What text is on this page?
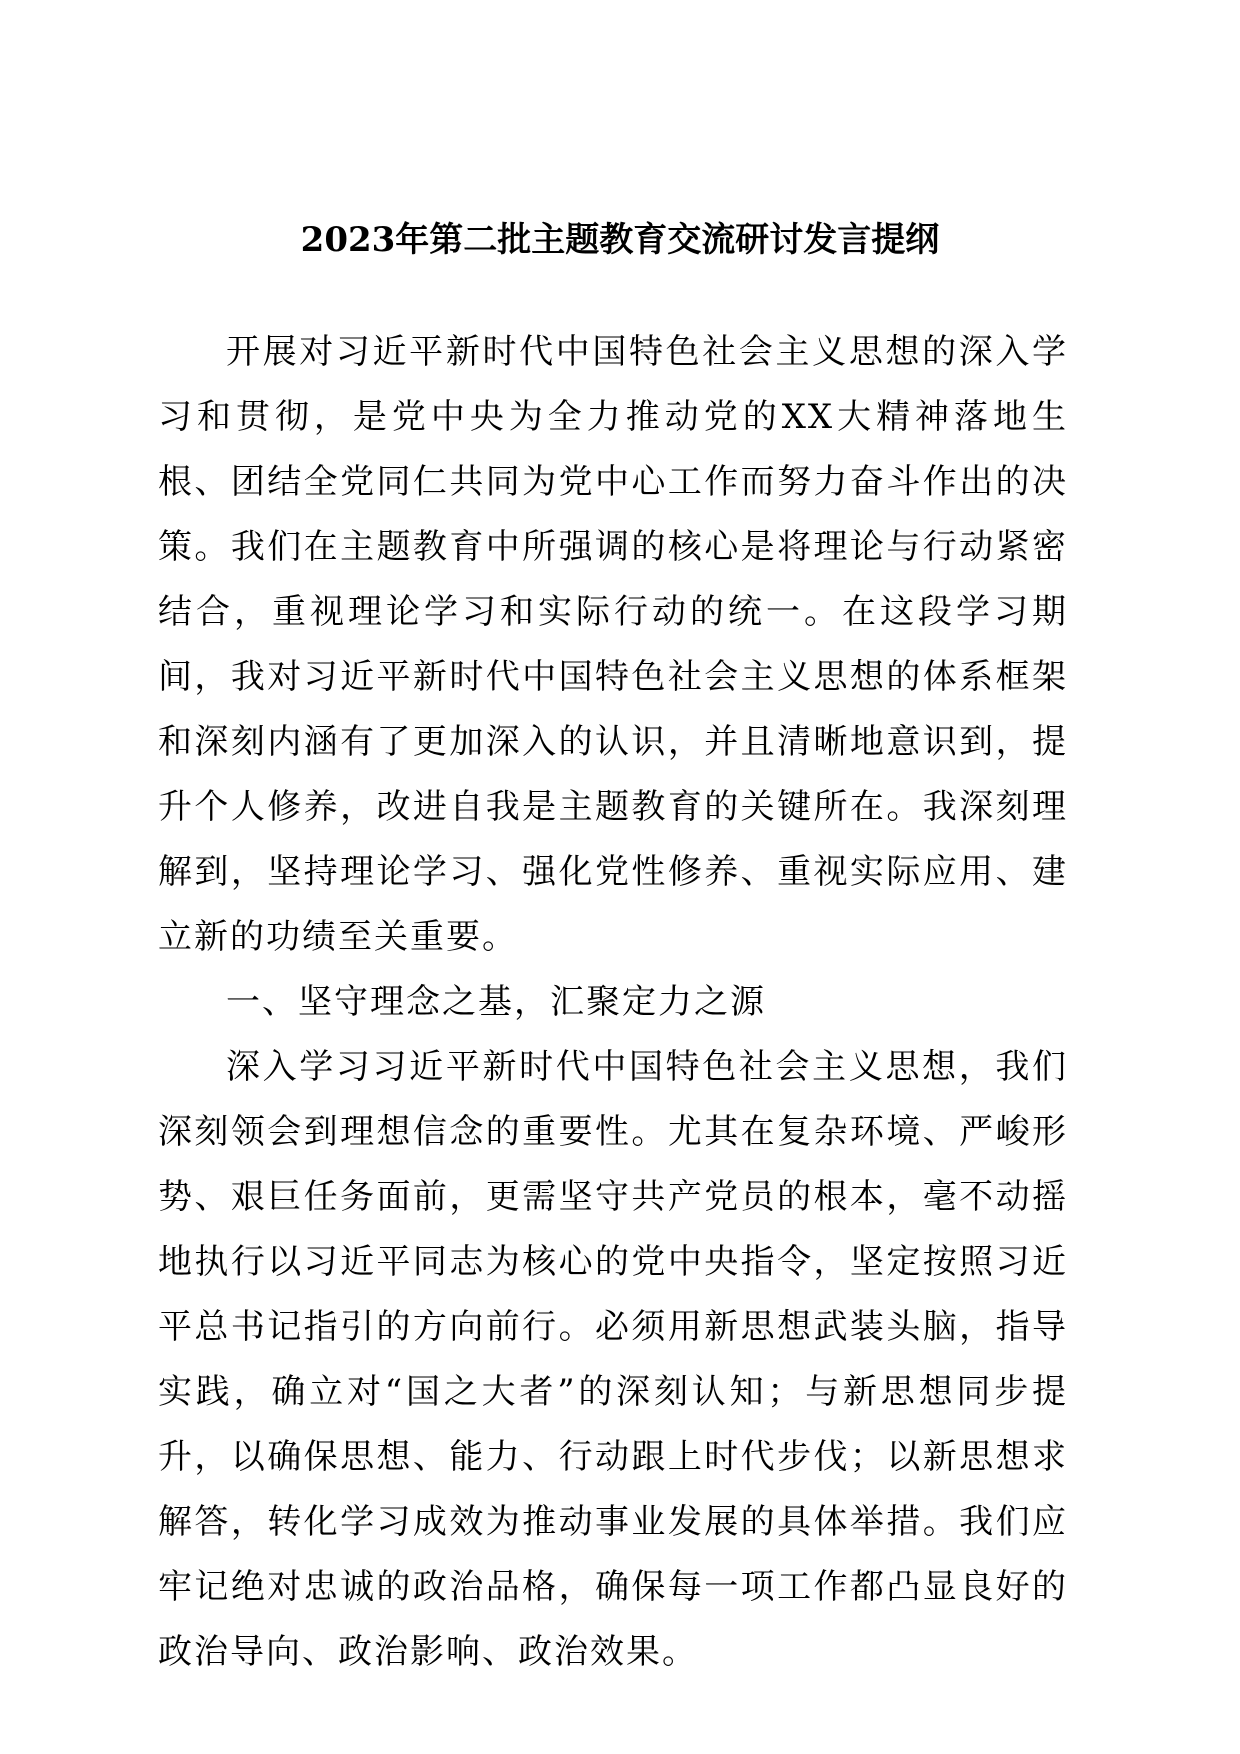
2023年第二批主题教育交流研讨发言提纲

开展对习近平新时代中国特色社会主义思想的深入学习和贯彻，是党中央为全力推动党的XX大精神落地生根、团结全党同仁共同为党中心工作而努力奋斗作出的决策。我们在主题教育中所强调的核心是将理论与行动紧密结合，重视理论学习和实际行动的统一。在这段学习期间，我对习近平新时代中国特色社会主义思想的体系框架和深刻内涵有了更加深入的认识，并且清晰地意识到，提升个人修养，改进自我是主题教育的关键所在。我深刻理解到，坚持理论学习、强化党性修养、重视实际应用、建立新的功绩至关重要。

一、坚守理念之基，汇聚定力之源

深入学习习近平新时代中国特色社会主义思想，我们深刻领会到理想信念的重要性。尤其在复杂环境、严峻形势、艰巨任务面前，更需坚守共产党员的根本，毫不动摇地执行以习近平同志为核心的党中央指令，坚定按照习近平总书记指引的方向前行。必须用新思想武装头脑，指导实践，确立对“国之大者”的深刻认知；与新思想同步提升，以确保思想、能力、行动跟上时代步伐；以新思想求解答，转化学习成效为推动事业发展的具体举措。我们应牢记绝对忠诚的政治品格，确保每一项工作都凸显良好的政治导向、政治影响、政治效果。
